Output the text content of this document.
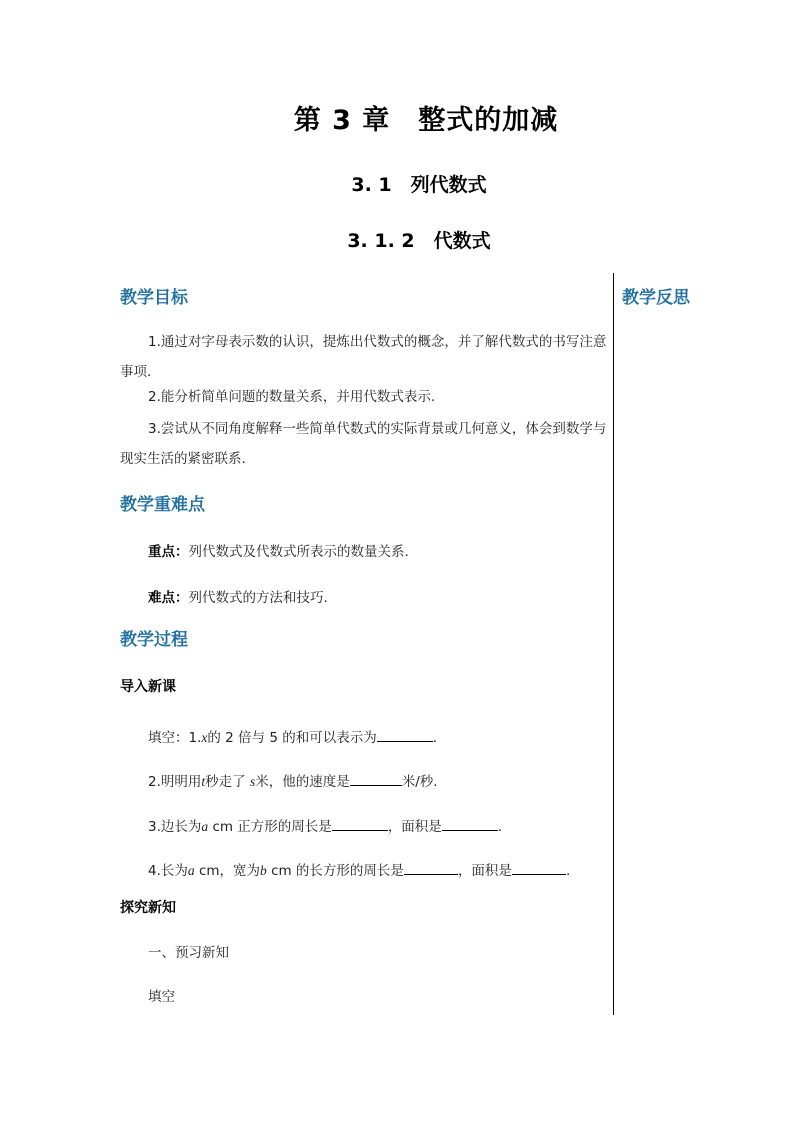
第 3 章　整式的加减
3. 1　列代数式
3. 1. 2　代数式
教学反思
教学目标
1.通过对字母表示数的认识，提炼出代数式的概念，并了解代数式的书写注意事项.
2.能分析简单问题的数量关系，并用代数式表示.
3.尝试从不同角度解释一些简单代数式的实际背景或几何意义，体会到数学与现实生活的紧密联系.
教学重难点
重点：列代数式及代数式所表示的数量关系.
难点：列代数式的方法和技巧.
教学过程
导入新课
填空：1.x的 2 倍与 5 的和可以表示为	.
2.明明用t秒走了 s米，他的速度是	米/秒.
3.边长为a cm 正方形的周长是	，面积是	.
4.长为a cm，宽为b cm 的长方形的周长是	，面积是	.
探究新知
一、预习新知
填空
